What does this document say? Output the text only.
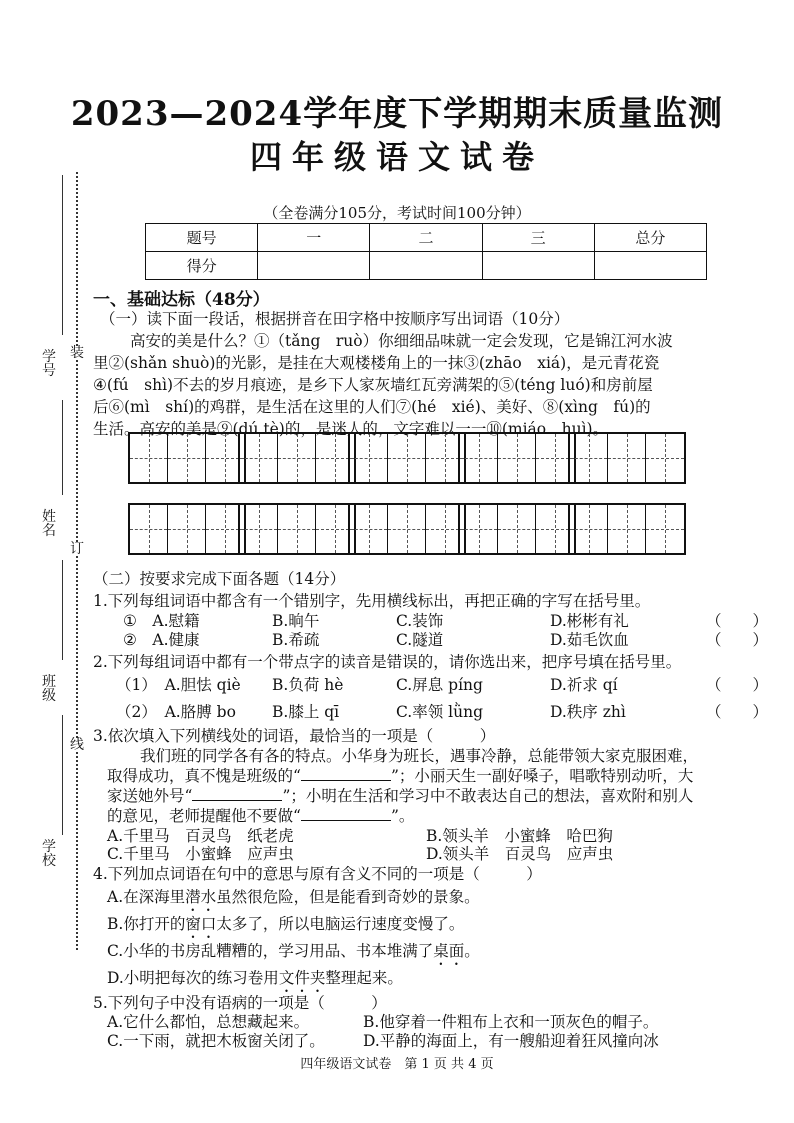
2023—2024学年度下学期期末质量监测
四年级语文试卷
（全卷满分105分，考试时间100分钟）
题号	一	二	三	总分
得分				
学号
姓名
班级
学校
装
订
线
一、基础达标（48分）
（一）读下面一段话，根据拼音在田字格中按顺序写出词语（10分）
高安的美是什么？①（tǎng　ruò）你细细品味就一定会发现，它是锦江河水波
里②(shǎn shuò)的光影，是挂在大观楼楼角上的一抹③(zhāo　xiá)，是元青花瓷
④(fú　shì)不去的岁月痕迹，是乡下人家灰墙红瓦旁满架的⑤(téng luó)和房前屋
后⑥(mì　shí)的鸡群，是生活在这里的人们⑦(hé　xié)、美好、⑧(xìng　fú)的
生活。高安的美是⑨(dú tè)的，是迷人的，文字难以一一⑩(miáo　huì)。
（二）按要求完成下面各题（14分）
1.下列每组词语中都含有一个错别字，先用横线标出，再把正确的字写在括号里。
①　A.慰籍	B.晌午	C.装饰	D.彬彬有礼	（　　）
②　A.健康	B.希疏	C.隧道	D.茹毛饮血	（　　）
2.下列每组词语中都有一个带点字的读音是错误的，请你选出来，把序号填在括号里。
（1）　A.胆怯 qiè B.负荷 hè	C.屏息 píng	D.祈求 qí	（　　）
（2）　A.胳膊 bo B.膝上 qī	C.率领 lǜng	D.秩序 zhì	（　　）
3.依次填入下列横线处的词语，最恰当的一项是（　　　）
我们班的同学各有各的特点。小华身为班长，遇事冷静，总能带领大家克服困难，
取得成功，真不愧是班级的“	”；小丽天生一副好嗓子，唱歌特别动听，大
家送她外号“	”；小明在生活和学习中不敢表达自己的想法，喜欢附和别人
的意见，老师提醒他不要做“	”。
A.千里马　百灵鸟　纸老虎	B.领头羊　小蜜蜂　哈巴狗
C.千里马　小蜜蜂　应声虫	D.领头羊　百灵鸟　应声虫
4.下列加点词语在句中的意思与原有含义不同的一项是（　　　）
A.在深海里潜水虽然很危险，但是能看到奇妙的景象。
B.你打开的窗口太多了，所以电脑运行速度变慢了。
C.小华的书房乱糟糟的，学习用品、书本堆满了桌面。
D.小明把每次的练习卷用文件夹整理起来。
5.下列句子中没有语病的一项是（　　　）
A.它什么都怕，总想藏起来。	B.他穿着一件粗布上衣和一顶灰色的帽子。
C.一下雨，就把木板窗关闭了。 D.平静的海面上，有一艘船迎着狂风撞向冰
四年级语文试卷　第 1 页 共 4 页
